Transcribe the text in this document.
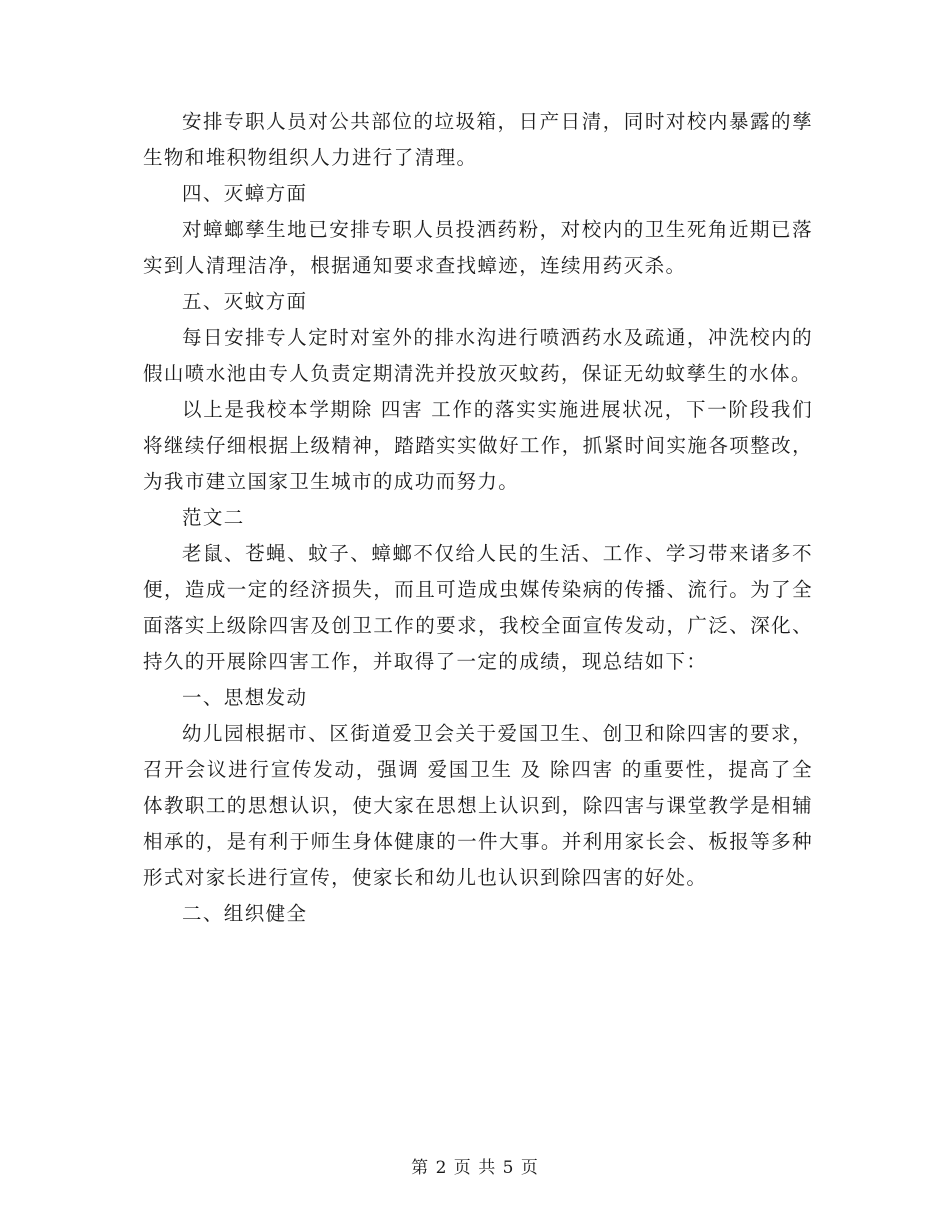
安排专职人员对公共部位的垃圾箱，日产日清，同时对校内暴露的孳生物和堆积物组织人力进行了清理。

四、灭蟑方面

对蟑螂孳生地已安排专职人员投洒药粉，对校内的卫生死角近期已落实到人清理洁净，根据通知要求查找蟑迹，连续用药灭杀。

五、灭蚊方面

每日安排专人定时对室外的排水沟进行喷洒药水及疏通，冲洗校内的假山喷水池由专人负责定期清洗并投放灭蚊药，保证无幼蚊孳生的水体。

以上是我校本学期除 四害 工作的落实实施进展状况，下一阶段我们将继续仔细根据上级精神，踏踏实实做好工作，抓紧时间实施各项整改，为我市建立国家卫生城市的成功而努力。

范文二

老鼠、苍蝇、蚊子、蟑螂不仅给人民的生活、工作、学习带来诸多不便，造成一定的经济损失，而且可造成虫媒传染病的传播、流行。为了全面落实上级除四害及创卫工作的要求，我校全面宣传发动，广泛、深化、持久的开展除四害工作，并取得了一定的成绩，现总结如下：

一、思想发动

幼儿园根据市、区街道爱卫会关于爱国卫生、创卫和除四害的要求，召开会议进行宣传发动，强调 爱国卫生 及 除四害 的重要性，提高了全体教职工的思想认识，使大家在思想上认识到，除四害与课堂教学是相辅相承的，是有利于师生身体健康的一件大事。并利用家长会、板报等多种形式对家长进行宣传，使家长和幼儿也认识到除四害的好处。

二、组织健全

第 2 页 共 5 页
